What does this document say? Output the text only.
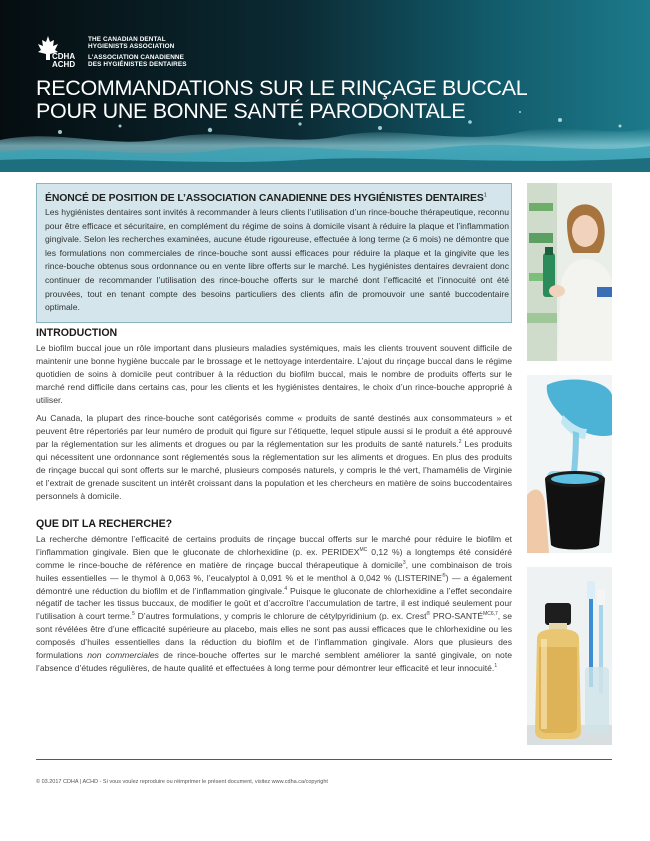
CDHA
ACHD
THE CANADIAN DENTAL
HYGIENISTS ASSOCIATION
L’ASSOCIATION CANADIENNE
DES HYGIÉNISTES DENTAIRES
RECOMMANDATIONS SUR LE RINÇAGE BUCCAL
POUR UNE BONNE SANTÉ PARODONTALE

ÉNONCÉ DE POSITION DE L’ASSOCIATION CANADIENNE DES HYGIÉNISTES DENTAIRES$^1$

Les hygiénistes dentaires sont invités à recommander à leurs clients l’utilisation d’un rince-bouche thérapeutique, reconnu pour être efficace et sécuritaire, en complément du régime de soins à domicile visant à réduire la plaque et l’inflammation gingivale. Selon les recherches examinées, aucune étude rigoureuse, effectuée à long terme (≥ 6 mois) ne démontre que les formulations non commerciales de rince-bouche sont aussi efficaces pour réduire la plaque et la gingivite que les rince-bouche obtenus sous ordonnance ou en vente libre offerts sur le marché. Les hygiénistes dentaires devraient donc continuer de recommander l’utilisation des rince-bouche offerts sur le marché dont l’efficacité et l’innocuité ont été prouvées, tout en tenant compte des besoins particuliers des clients afin de promouvoir une santé buccodentaire optimale.

INTRODUCTION

Le biofilm buccal joue un rôle important dans plusieurs maladies systémiques, mais les clients trouvent souvent difficile de maintenir une bonne hygiène buccale par le brossage et le nettoyage interdentaire. L’ajout du rinçage buccal dans le régime quotidien de soins à domicile peut contribuer à la réduction du biofilm buccal, mais le nombre de produits offerts sur le marché rend difficile dans certains cas, pour les clients et les hygiénistes dentaires, le choix d’un rince-bouche approprié à utiliser.

Au Canada, la plupart des rince-bouche sont catégorisés comme « produits de santé destinés aux consommateurs » et peuvent être répertoriés par leur numéro de produit qui figure sur l’étiquette, lequel stipule aussi si le produit a été approuvé par la réglementation sur les aliments et drogues ou par la réglementation sur les produits de santé naturels.$^2$ Les produits qui nécessitent une ordonnance sont réglementés sous la réglementation sur les aliments et drogues. En plus des produits de rinçage buccal qui sont offerts sur le marché, plusieurs composés naturels, y compris le thé vert, l’hamamélis de Virginie et l’extrait de grenade suscitent un intérêt croissant dans la population et les chercheurs en matière de soins buccodentaires personnels à domicile.

QUE DIT LA RECHERCHE?

La recherche démontre l’efficacité de certains produits de rinçage buccal offerts sur le marché pour réduire le biofilm et l’inflammation gingivale. Bien que le gluconate de chlorhexidine (p. ex. $PERIDEX^{MC}$ 0,12 %) a longtemps été considéré comme le rince-bouche de référence en matière de rinçage buccal thérapeutique à domicile$^3$, une combinaison de trois huiles essentielles — le thymol à 0,063 %, l’eucalyptol à 0,091 % et le menthol à 0,042 % (LISTERINE®) — a également démontré une réduction du biofilm et de l’inflammation gingivale.$^4$ Puisque le gluconate de chlorhexidine a l’effet secondaire négatif de tacher les tissus buccaux, de modifier le goût et d’accroître l’accumulation de tartre, il est indiqué seulement pour l’utilisation à court terme.$^5$ D’autres formulations, y compris le chlorure de cétylpyridinium (p. ex. Crest® PRO-$SANTÉ^{MC6,7}$, se sont révélées être d’une efficacité supérieure au placebo, mais elles ne sont pas aussi efficaces que le chlorhexidine ou les composés d’huiles essentielles dans la réduction du biofilm et de l’inflammation gingivale. Alors que plusieurs des formulations non commerciales de rince-bouche offertes sur le marché semblent améliorer la santé gingivale, on note l’absence d’études régulières, de haute qualité et effectuées à long terme pour démontrer leur efficacité et leur innocuité.$^1$

© 03.2017 CDHA | ACHD - Si vous voulez reproduire ou réimprimer le présent document, visitez www.cdha.ca/copyright
